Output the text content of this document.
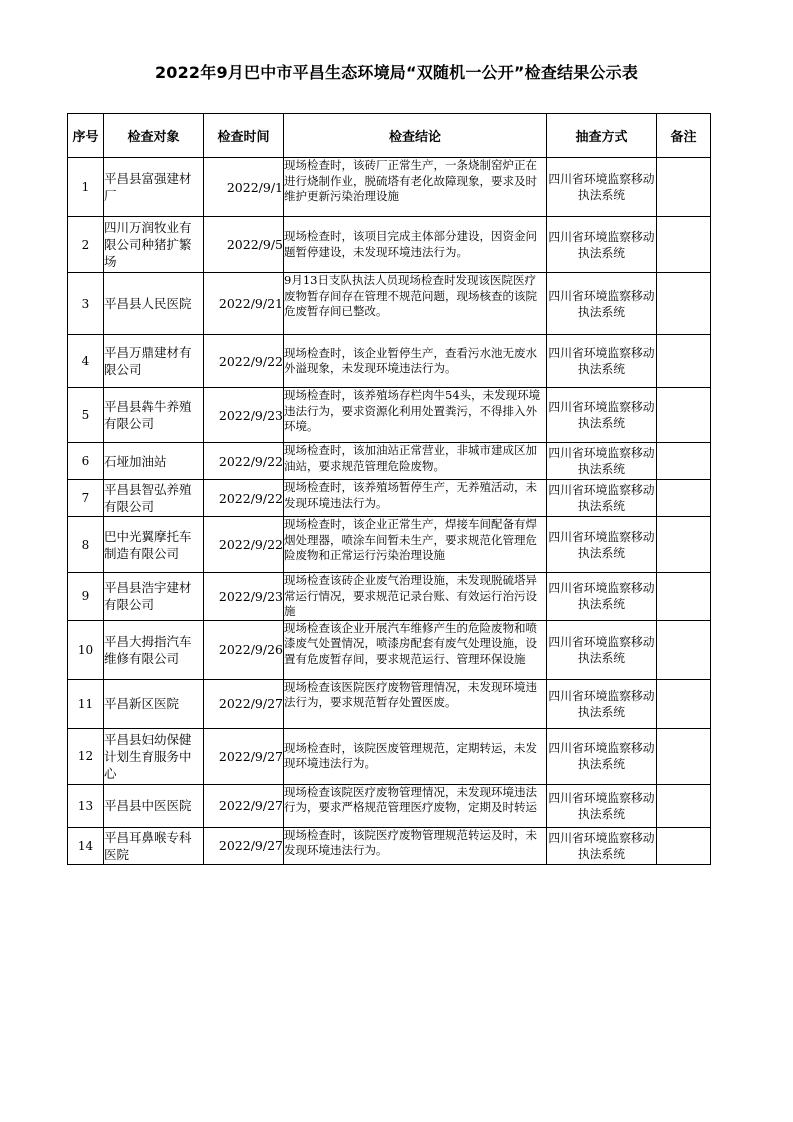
2022年9月巴中市平昌生态环境局“双随机一公开”检查结果公示表
序号	检查对象	检查时间	检查结论	抽查方式	备注
1	平昌县富强建材厂	2022/9/1	现场检查时，该砖厂正常生产，一条烧制窑炉正在进行烧制作业，脱硫塔有老化故障现象，要求及时维护更新污染治理设施	四川省环境监察移动执法系统	
2	四川万润牧业有限公司种猪扩繁场	2022/9/5	现场检查时，该项目完成主体部分建设，因资金问题暂停建设，未发现环境违法行为。	四川省环境监察移动执法系统	
3	平昌县人民医院	2022/9/21	9月13日支队执法人员现场检查时发现该医院医疗废物暂存间存在管理不规范问题，现场核查的该院危废暂存间已整改。	四川省环境监察移动执法系统	
4	平昌万鼎建材有限公司	2022/9/22	现场检查时，该企业暂停生产，查看污水池无废水外溢现象，未发现环境违法行为。	四川省环境监察移动执法系统	
5	平昌县犇牛养殖有限公司	2022/9/23	现场检查时，该养殖场存栏肉牛54头，未发现环境违法行为，要求资源化利用处置粪污，不得排入外环境。	四川省环境监察移动执法系统	
6	石垭加油站	2022/9/22	现场检查时，该加油站正常营业，非城市建成区加油站，要求规范管理危险废物。	四川省环境监察移动执法系统	
7	平昌县智弘养殖有限公司	2022/9/22	现场检查时，该养殖场暂停生产，无养殖活动，未发现环境违法行为。	四川省环境监察移动执法系统	
8	巴中光翼摩托车制造有限公司	2022/9/22	现场检查时，该企业正常生产，焊接车间配备有焊烟处理器，喷涂车间暂未生产，要求规范化管理危险废物和正常运行污染治理设施	四川省环境监察移动执法系统	
9	平昌县浩宇建材有限公司	2022/9/23	现场检查该砖企业废气治理设施，未发现脱硫塔异常运行情况，要求规范记录台账、有效运行治污设施	四川省环境监察移动执法系统	
10	平昌大拇指汽车维修有限公司	2022/9/26	现场检查该企业开展汽车维修产生的危险废物和喷漆废气处置情况，喷漆房配套有废气处理设施，设置有危废暂存间，要求规范运行、管理环保设施	四川省环境监察移动执法系统	
11	平昌新区医院	2022/9/27	现场检查该医院医疗废物管理情况，未发现环境违法行为，要求规范暂存处置医废。	四川省环境监察移动执法系统	
12	平昌县妇幼保健计划生育服务中心	2022/9/27	现场检查时，该院医废管理规范，定期转运，未发现环境违法行为。	四川省环境监察移动执法系统	
13	平昌县中医医院	2022/9/27	现场检查该院医疗废物管理情况，未发现环境违法行为，要求严格规范管理医疗废物，定期及时转运	四川省环境监察移动执法系统	
14	平昌耳鼻喉专科医院	2022/9/27	现场检查时，该院医疗废物管理规范转运及时，未发现环境违法行为。	四川省环境监察移动执法系统	
